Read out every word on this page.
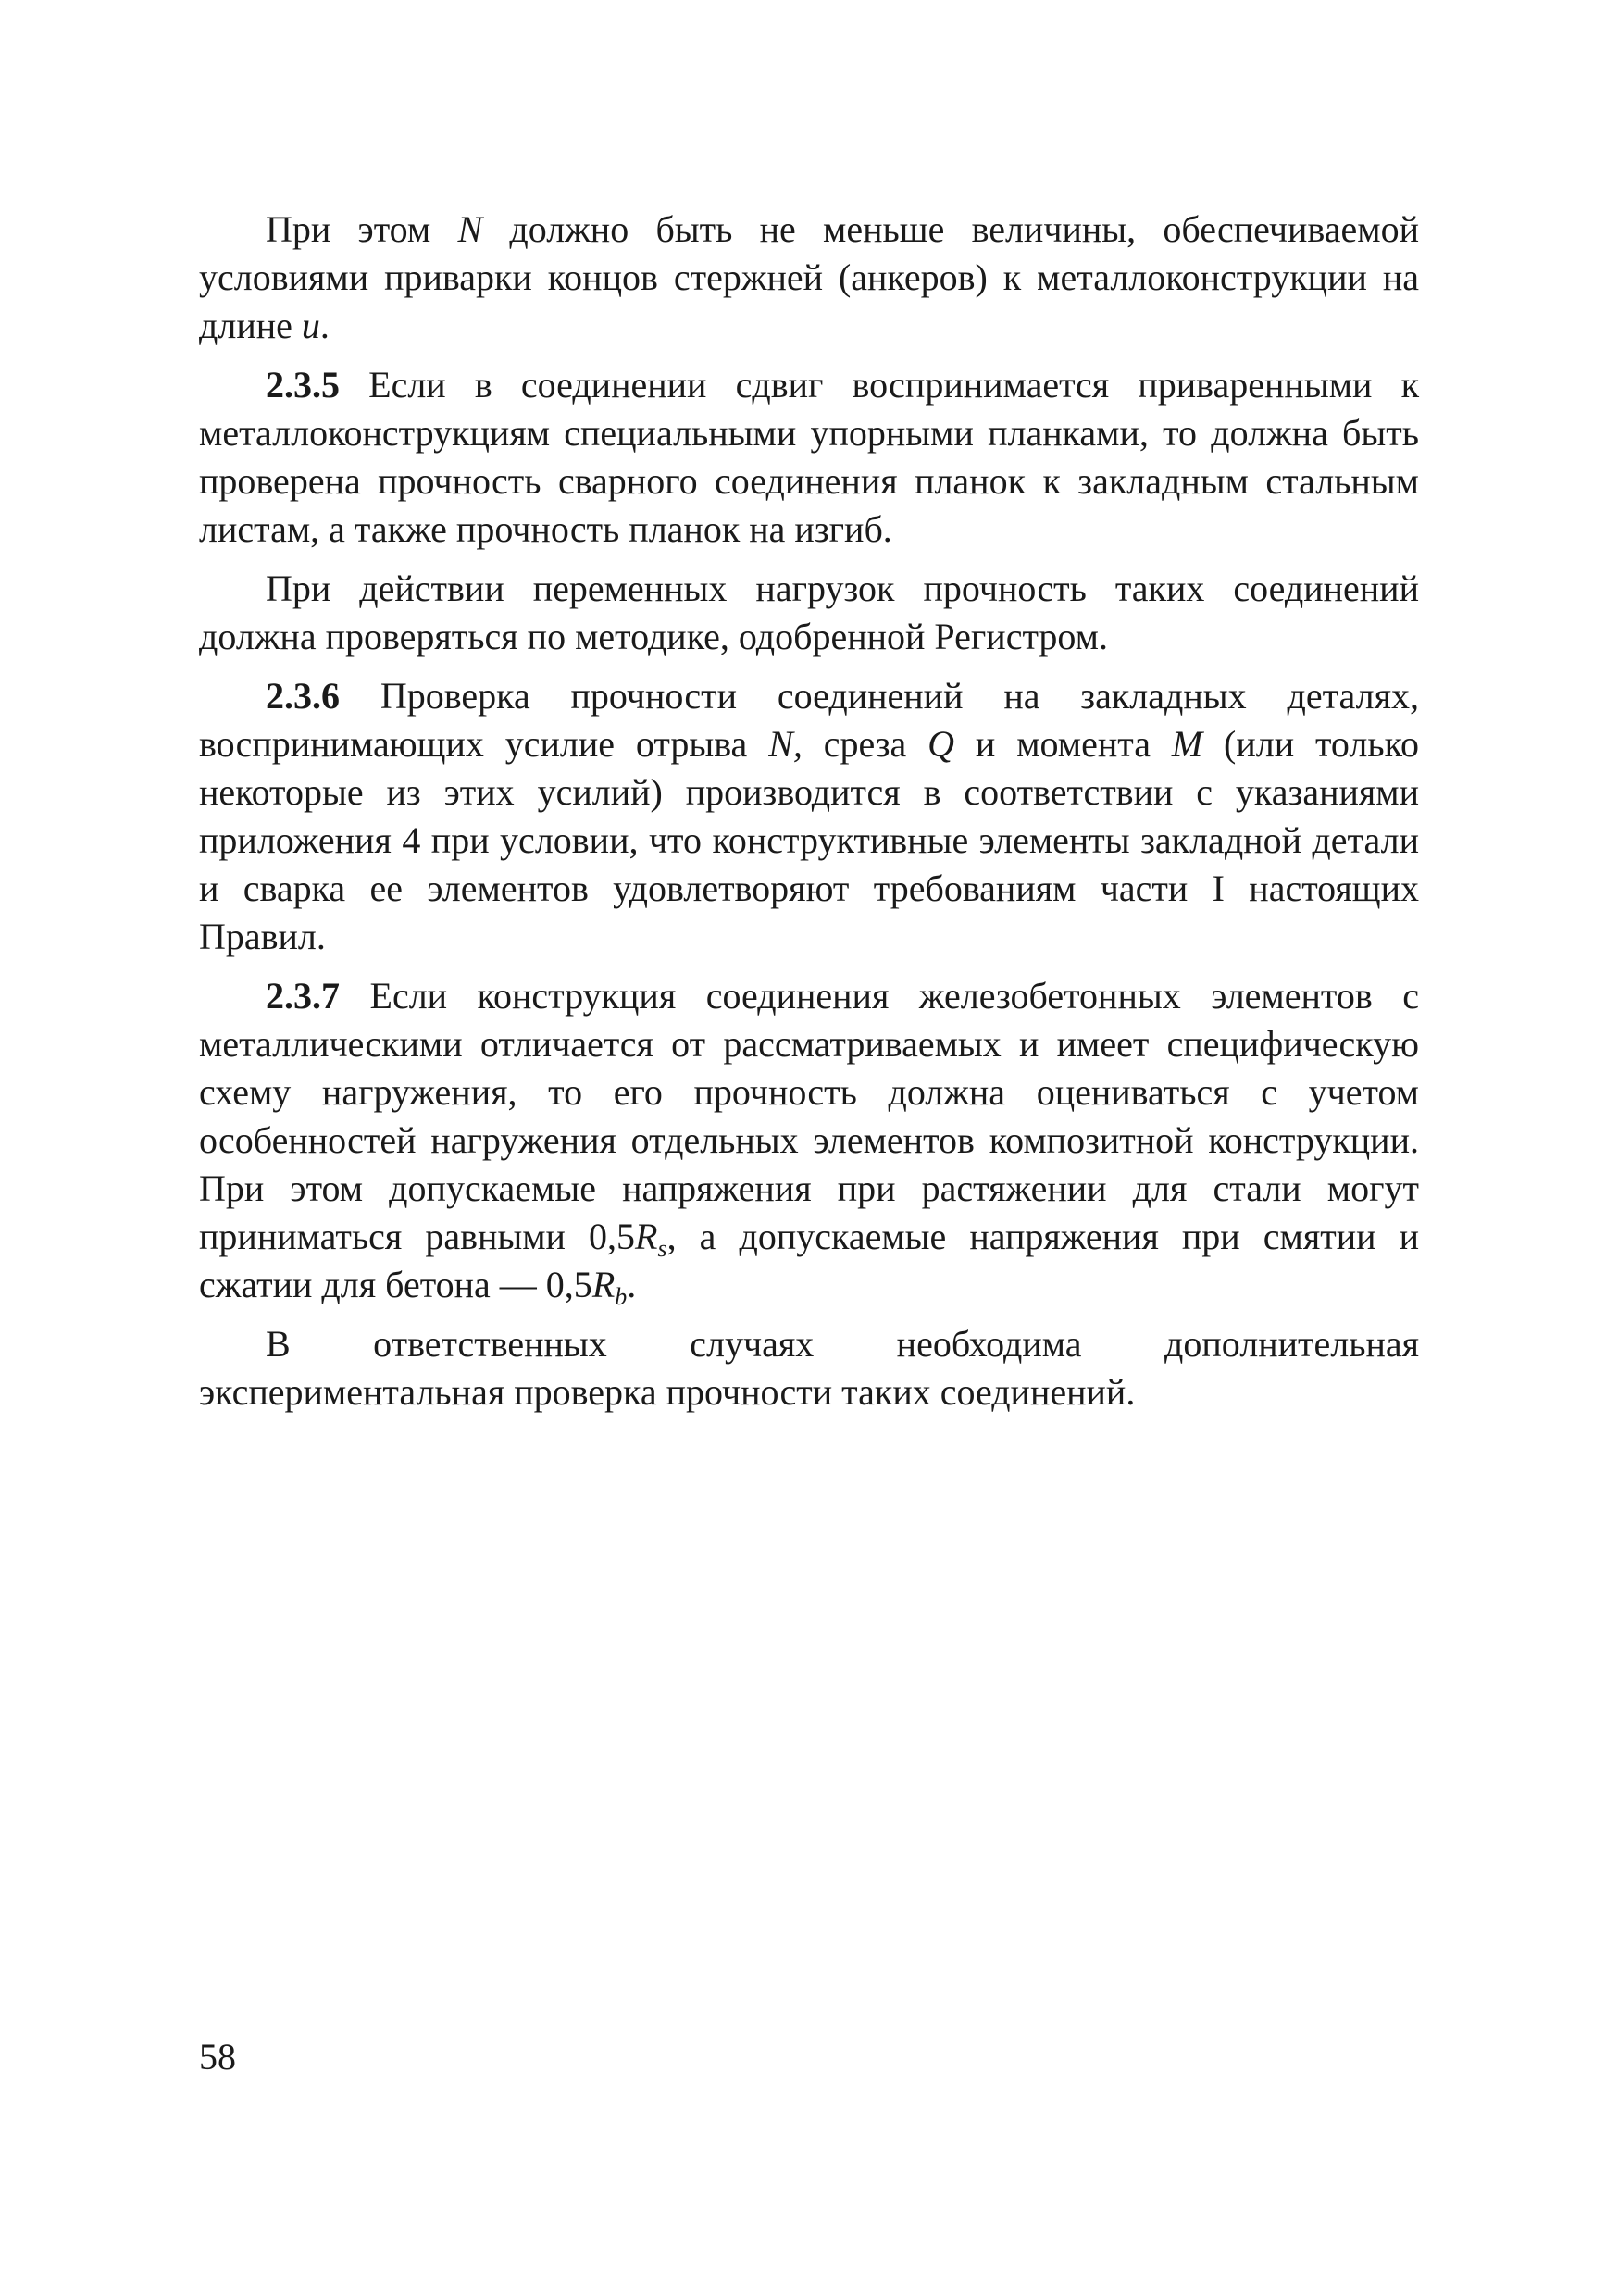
При этом N должно быть не меньше величины, обеспечиваемой условиями приварки концов стержней (анкеров) к металлоконструкции на длине u.

2.3.5 Если в соединении сдвиг воспринимается приваренными к металлоконструкциям специальными упорными планками, то должна быть проверена прочность сварного соединения планок к закладным стальным листам, а также прочность планок на изгиб.

При действии переменных нагрузок прочность таких соединений должна проверяться по методике, одобренной Регистром.

2.3.6 Проверка прочности соединений на закладных деталях, воспринимающих усилие отрыва N, среза Q и момента M (или только некоторые из этих усилий) производится в соответствии с указаниями приложения 4 при условии, что конструктивные элементы закладной детали и сварка ее элементов удовлетворяют требованиям части I настоящих Правил.

2.3.7 Если конструкция соединения железобетонных элементов с металлическими отличается от рассматриваемых и имеет специфическую схему нагружения, то его прочность должна оцениваться с учетом особенностей нагружения отдельных элементов композитной конструкции. При этом допускаемые напряжения при растяжении для стали могут приниматься равными $0,5R_s$, а допускаемые напряжения при смятии и сжатии для бетона — $0,5R_b$.

В ответственных случаях необходима дополнительная экспериментальная проверка прочности таких соединений.

58
